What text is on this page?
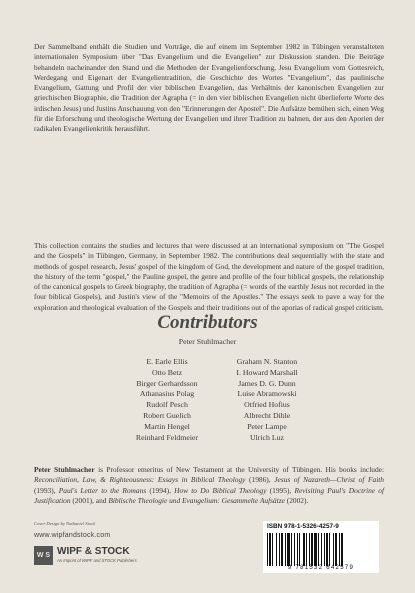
Der Sammelband enthält die Studien und Vorträge, die auf einem im September 1982 in Tübingen veranstalteten internationalen Symposium über "Das Evangelium und die Evangelien" zur Diskussion standen. Die Beiträge behandeln nacheinander den Stand und die Methoden der Evangelienforschung, Jesu Evangelium vom Gottesreich, Werdegang und Eigenart der Evangelientradition, die Geschichte des Wortes "Evangelium", das paulinische Evangelium, Gattung und Profil der vier biblischen Evangelien, das Verhältnis der kanonischen Evangelien zur griechischen Biographie, die Tradition der Agrapha (= in den vier biblischen Evangelien nicht überlieferte Worte des irdischen Jesus) und Justins Anschauung von den "Erinnerungen der Apostel". Die Aufsätze bemühen sich, einen Weg für die Erforschung und theologische Wertung der Evangelien und ihrer Tradition zu bahnen, der aus den Aporien der radikalen Evangelienkritik herausführt.

This collection contains the studies and lectures that were discussed at an international symposium on "The Gospel and the Gospels" in Tübingen, Germany, in September 1982. The contributions deal sequentially with the state and methods of gospel research, Jesus' gospel of the kingdom of God, the development and nature of the gospel tradition, the history of the term "gospel," the Pauline gospel, the genre and profile of the four biblical gospels, the relationship of the canonical gospels to Greek biography, the tradition of Agrapha (= words of the earthly Jesus not recorded in the four biblical Gospels), and Justin's view of the "Memoirs of the Apostles." The essays seek to pave a way for the exploration and theological evaluation of the Gospels and their traditions out of the aporias of radical gospel criticism.

Contributors

Peter Stuhlmacher

E. Earle Ellis
Otto Betz
Birger Gerhardsson
Athanasius Polag
Rudolf Pesch
Robert Guelich
Martin Hengel
Reinhard Feldmeier
Graham N. Stanton
I. Howard Marshall
James D. G. Dunn
Luise Abramowski
Otfried Hofius
Albrecht Dihle
Peter Lampe
Ulrich Luz

Peter Stuhlmacher is Professor emeritus of New Testament at the University of Tübingen. His books include: Reconciliation, Law, & Righteousness: Essays in Biblical Theology (1986), Jesus of Nazareth—Christ of Faith (1993), Paul's Letter to the Romans (1994), How to Do Biblical Theology (1995), Revisiting Paul's Doctrine of Justification (2001), and Biblische Theologie und Evangelium: Gesammelte Aufsätze (2002).

Cover Design by Nathaniel Stock
www.wipfandstock.com
W S WIPF & STOCK
An Imprint of WIPF and STOCK Publishers
ISBN 978-1-5326-4257-9
9 781532 642579
